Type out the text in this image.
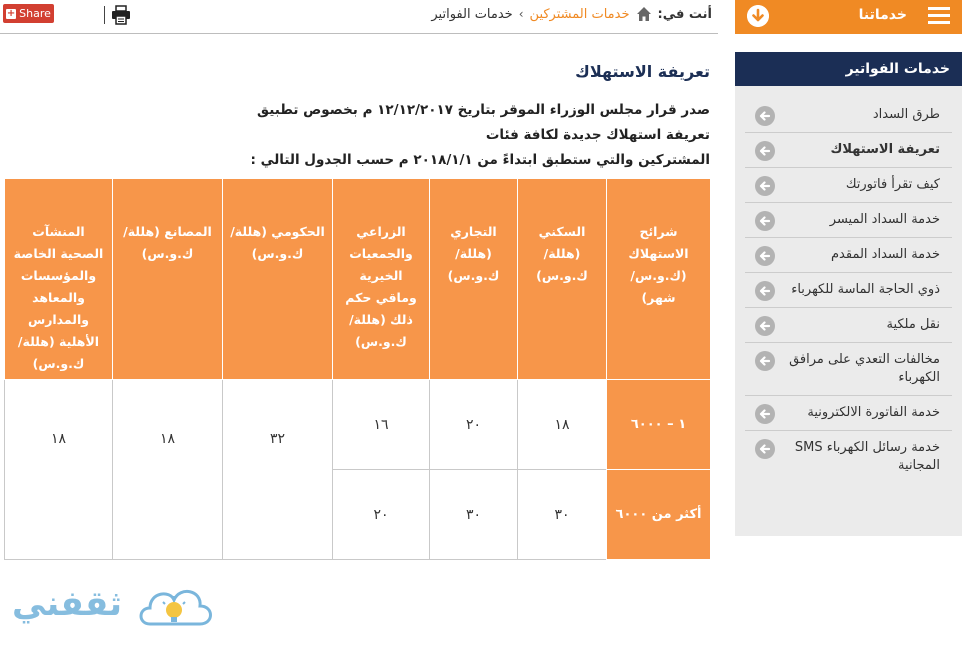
+ Share	أنت في:
خدمات المشتركين
›
خدمات الفواتير
تعريفة الاستهلاك
صدر قرار مجلس الوزراء الموقر بتاريخ ١٢/١٢/٢٠١٧ م بخصوص تطبيق تعريفة استهلاك جديدة لكافة فئات
المشتركين والتي ستطبق ابتداءً من ٢٠١٨/١/١ م حسب الجدول التالي :
شرائح الاستهلاك (ك.و.س/ شهر)	السكني (هللة/ ك.و.س)	التجاري (هللة/ ك.و.س)	الزراعي والجمعيات الخيرية وماقي حكم ذلك (هللة/ ك.و.س)	الحكومي (هللة/ ك.و.س)	المصانع (هللة/ ك.و.س)	المنشآت الصحية الخاصة والمؤسسات والمعاهد والمدارس الأهلية (هللة/ ك.و.س)
١ – ٦٠٠٠	١٨	٢٠	١٦	٣٢	١٨	١٨
أكثر من ٦٠٠٠	٣٠	٣٠	٢٠			
ثقفني
خدماتنا
خدمات الفواتير
طرق السداد
تعريفة الاستهلاك
كيف تقرأ فاتورتك
خدمة السداد الميسر
خدمة السداد المقدم
ذوي الحاجة الماسة للكهرباء
نقل ملكية
مخالفات التعدي على مرافق الكهرباء
خدمة الفاتورة الالكترونية
خدمة رسائل الكهرباء SMS المجانية
